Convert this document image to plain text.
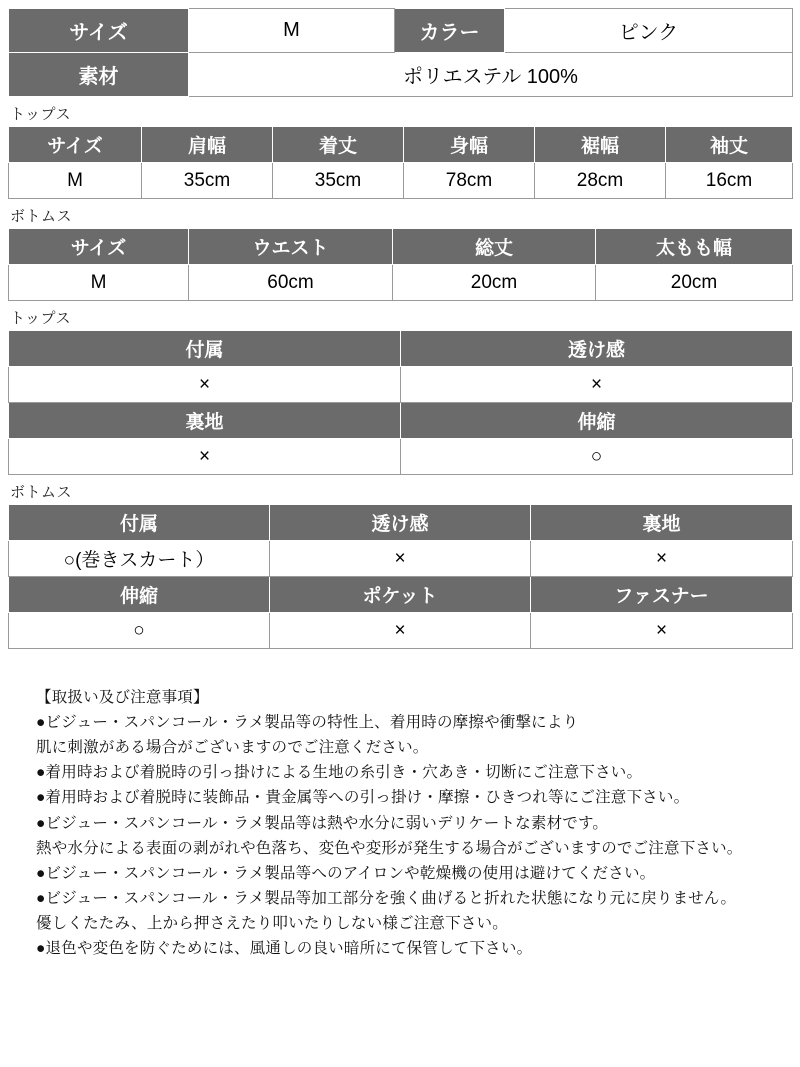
サイズ	M	カラー	ピンク
素材	ポリエステル 100%		
トップス
サイズ	肩幅	着丈	身幅	裾幅	袖丈
M	35cm	35cm	78cm	28cm	16cm
ボトムス
サイズ	ウエスト	総丈	太もも幅
M	60cm	20cm	20cm
トップス
付属	透け感	
×	×	
裏地	伸縮	
×	○	
ボトムス
付属	透け感	裏地
○(巻きスカート）	×	×
伸縮	ポケット	ファスナー
○	×	×
【取扱い及び注意事項】
●ビジュー・スパンコール・ラメ製品等の特性上、着用時の摩擦や衝撃により
肌に刺激がある場合がございますのでご注意ください。
●着用時および着脱時の引っ掛けによる生地の糸引き・穴あき・切断にご注意下さい。
●着用時および着脱時に装飾品・貴金属等への引っ掛け・摩擦・ひきつれ等にご注意下さい。
●ビジュー・スパンコール・ラメ製品等は熱や水分に弱いデリケートな素材です。
熱や水分による表面の剥がれや色落ち、変色や変形が発生する場合がございますのでご注意下さい。
●ビジュー・スパンコール・ラメ製品等へのアイロンや乾燥機の使用は避けてください。
●ビジュー・スパンコール・ラメ製品等加工部分を強く曲げると折れた状態になり元に戻りません。
優しくたたみ、上から押さえたり叩いたりしない様ご注意下さい。
●退色や変色を防ぐためには、風通しの良い暗所にて保管して下さい。
